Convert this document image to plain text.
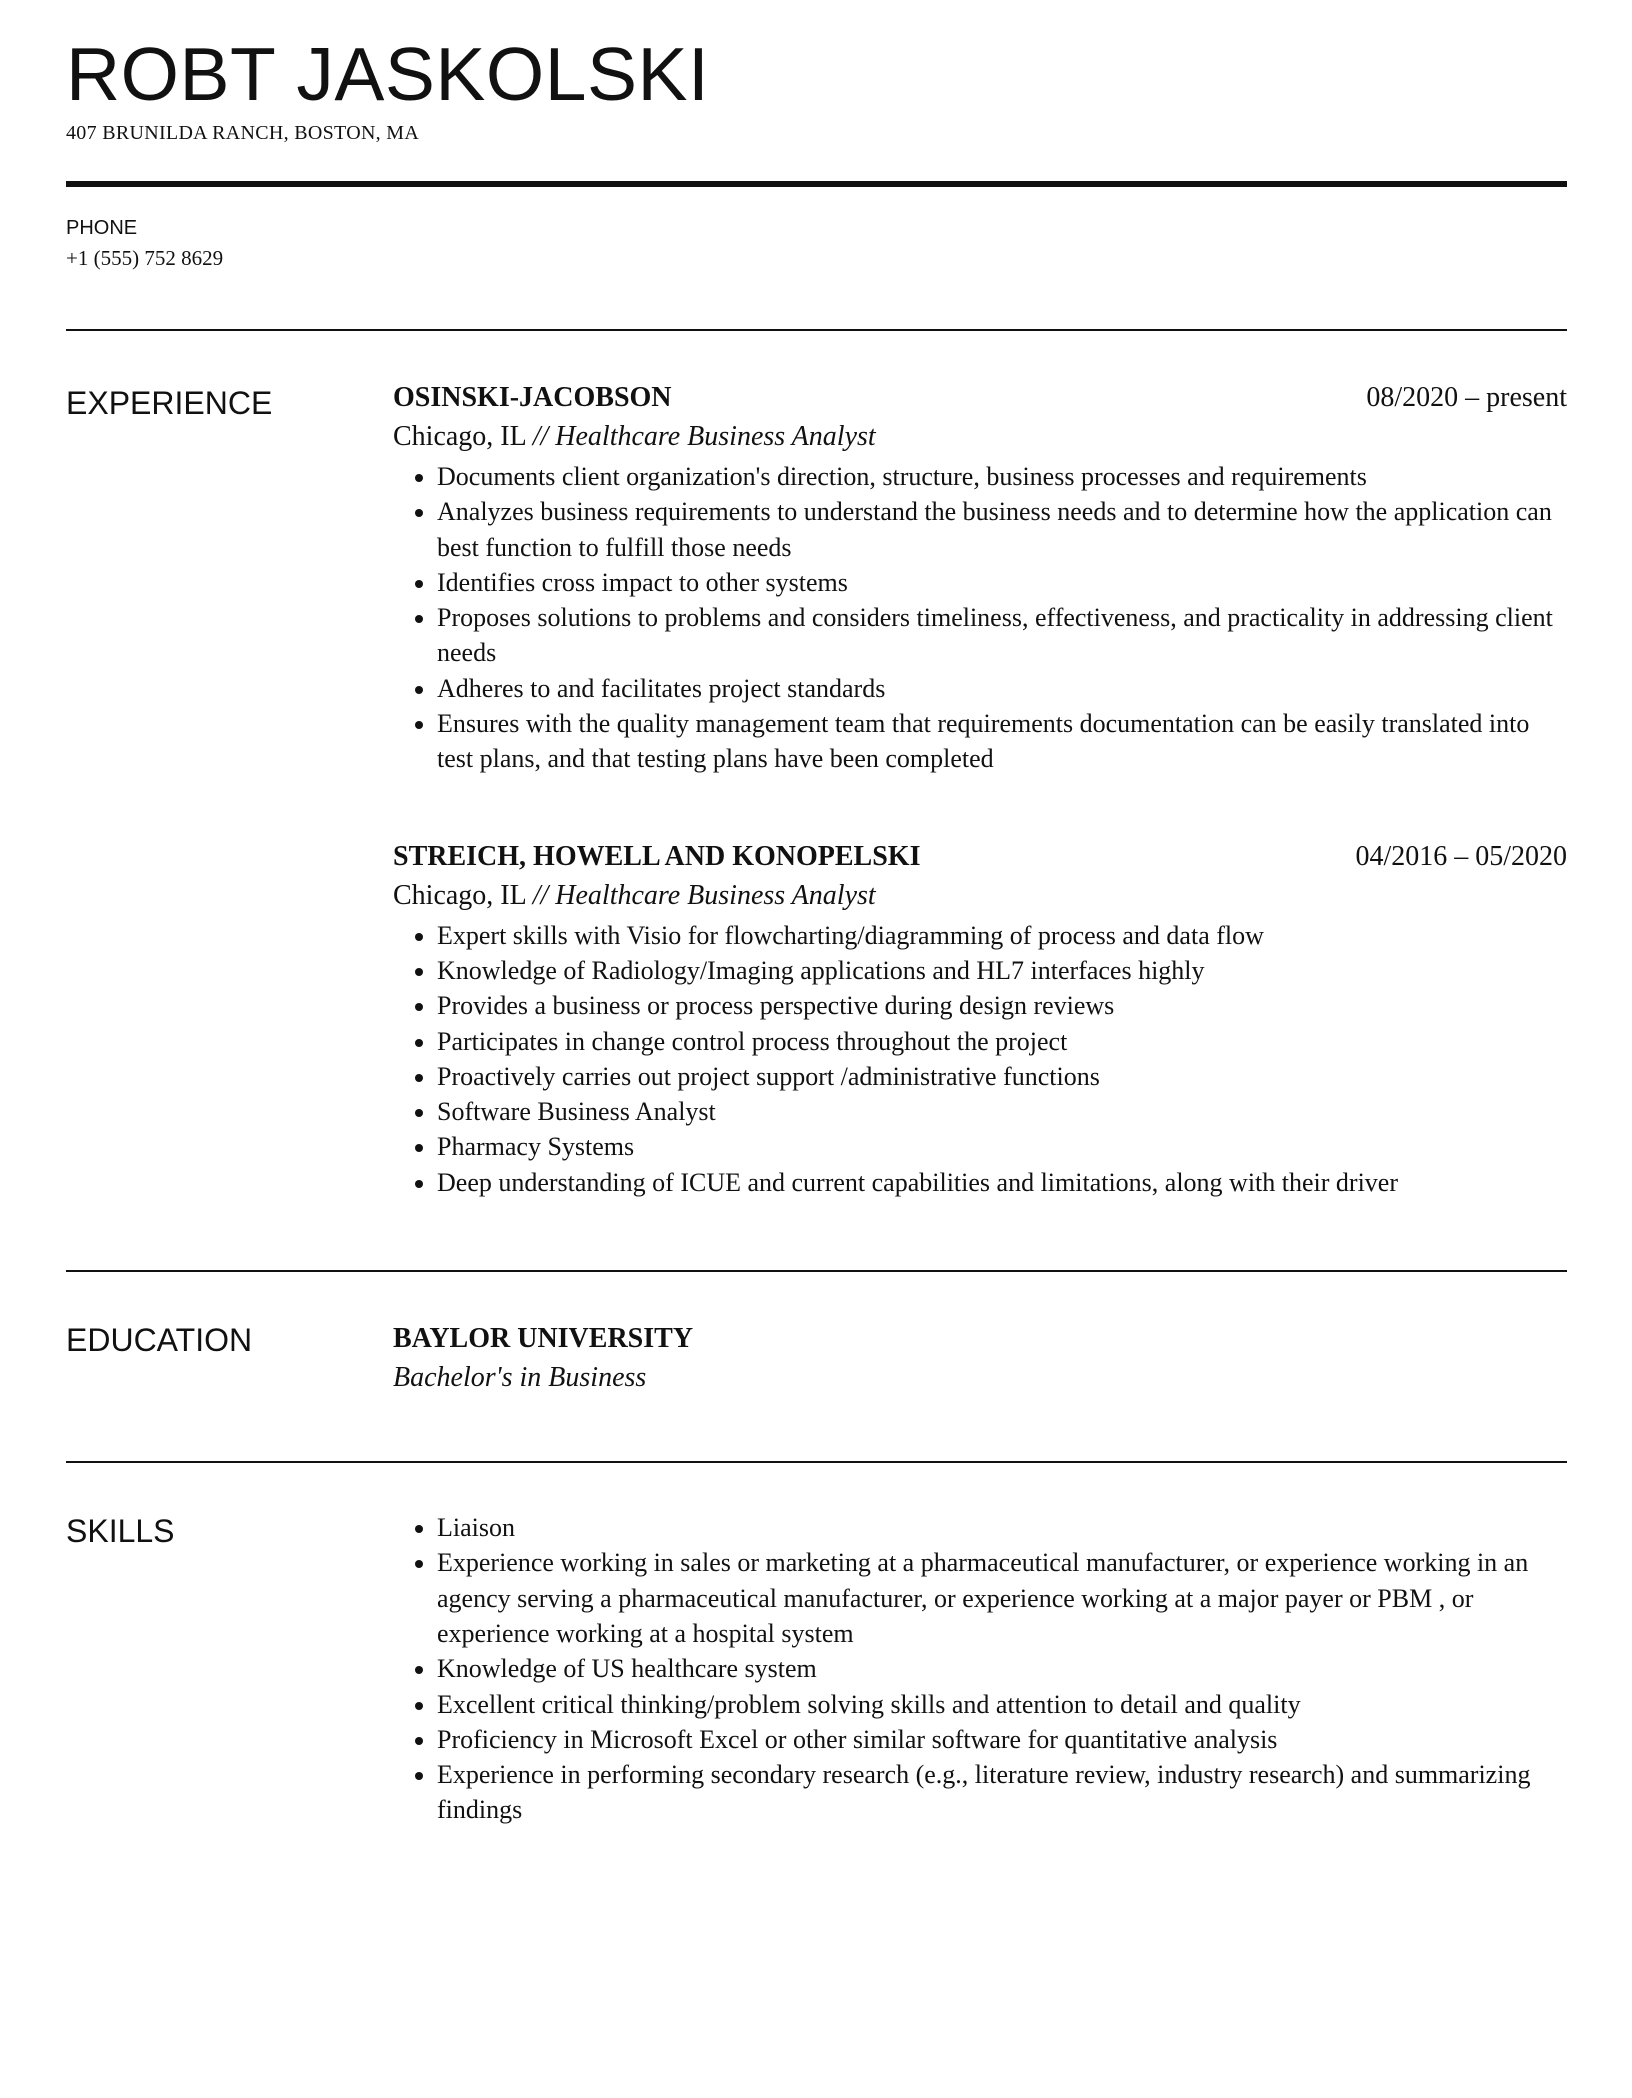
ROBT JASKOLSKI
407 BRUNILDA RANCH, BOSTON, MA
PHONE
+1 (555) 752 8629
EXPERIENCE	OSINSKI-JACOBSON	08/2020 – present
Chicago, IL // Healthcare Business Analyst
• Documents client organization's direction, structure, business processes and requirements
• Analyzes business requirements to understand the business needs and to determine how the application can best function to fulfill those needs
• Identifies cross impact to other systems
• Proposes solutions to problems and considers timeliness, effectiveness, and practicality in addressing client needs
• Adheres to and facilitates project standards
• Ensures with the quality management team that requirements documentation can be easily translated into test plans, and that testing plans have been completed
STREICH, HOWELL AND KONOPELSKI	04/2016 – 05/2020
Chicago, IL // Healthcare Business Analyst
• Expert skills with Visio for flowcharting/diagramming of process and data flow
• Knowledge of Radiology/Imaging applications and HL7 interfaces highly
• Provides a business or process perspective during design reviews
• Participates in change control process throughout the project
• Proactively carries out project support /administrative functions
• Software Business Analyst
• Pharmacy Systems
• Deep understanding of ICUE and current capabilities and limitations, along with their driver
EDUCATION	BAYLOR UNIVERSITY
Bachelor's in Business
SKILLS
•	Liaison
• Experience working in sales or marketing at a pharmaceutical manufacturer, or experience working in an agency serving a pharmaceutical manufacturer, or experience working at a major payer or PBM , or experience working at a hospital system
• Knowledge of US healthcare system
• Excellent critical thinking/problem solving skills and attention to detail and quality
• Proficiency in Microsoft Excel or other similar software for quantitative analysis
• Experience in performing secondary research (e.g., literature review, industry research) and summarizing findings
